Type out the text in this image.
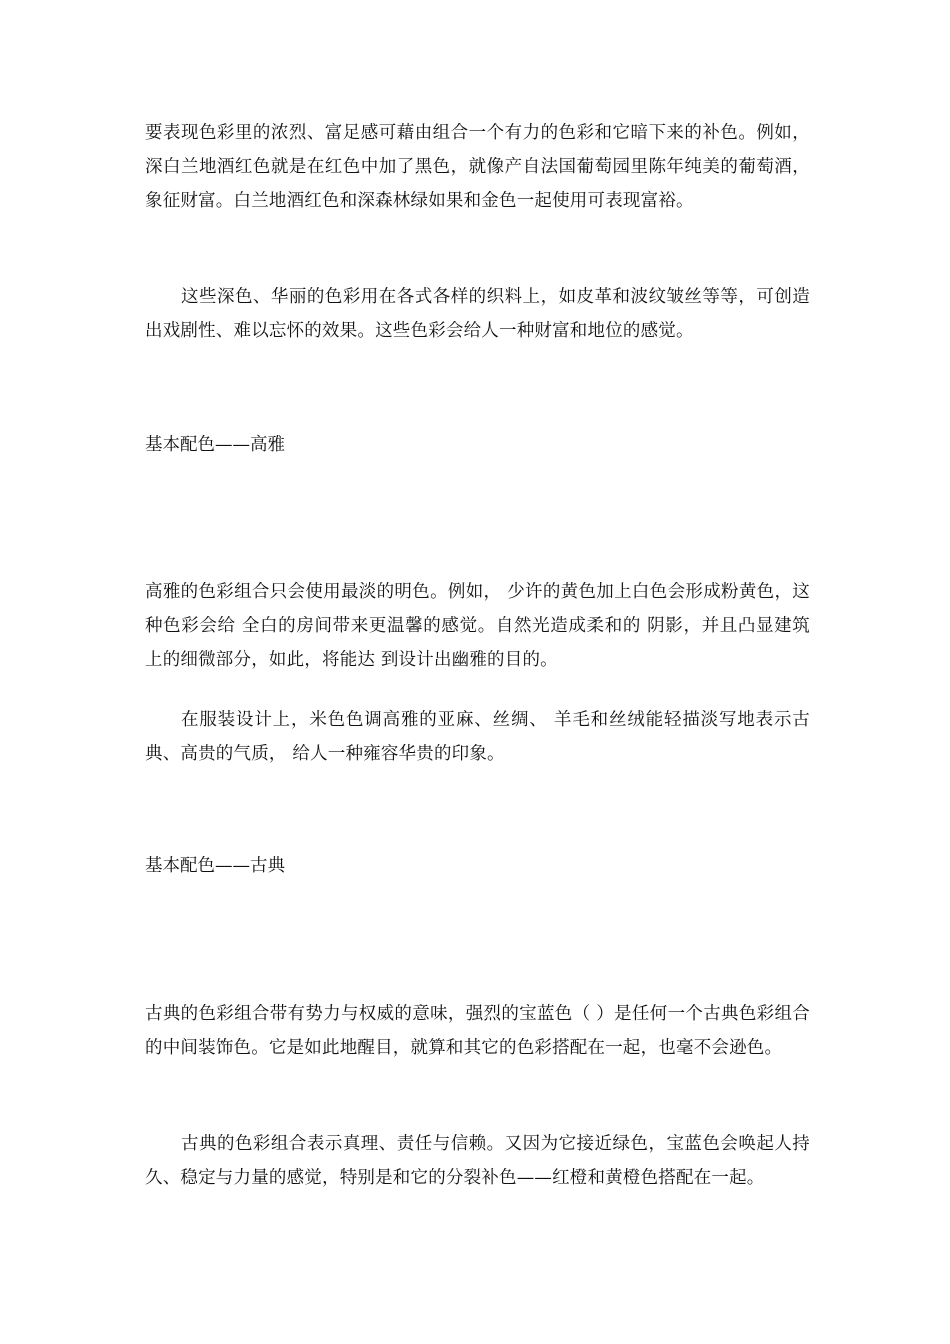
要表现色彩里的浓烈、富足感可藉由组合一个有力的色彩和它暗下来的补色。例如，深白兰地酒红色就是在红色中加了黑色，就像产自法国葡萄园里陈年纯美的葡萄酒，象征财富。白兰地酒红色和深森林绿如果和金色一起使用可表现富裕。

这些深色、华丽的色彩用在各式各样的织料上，如皮革和波纹皱丝等等，可创造出戏剧性、难以忘怀的效果。这些色彩会给人一种财富和地位的感觉。

基本配色——高雅

高雅的色彩组合只会使用最淡的明色。例如， 少许的黄色加上白色会形成粉黄色，这种色彩会给 全白的房间带来更温馨的感觉。自然光造成柔和的 阴影，并且凸显建筑上的细微部分，如此，将能达 到设计出幽雅的目的。

在服装设计上，米色色调高雅的亚麻、丝绸、 羊毛和丝绒能轻描淡写地表示古典、高贵的气质， 给人一种雍容华贵的印象。

基本配色——古典

古典的色彩组合带有势力与权威的意味，强烈的宝蓝色（ ）是任何一个古典色彩组合的中间装饰色。它是如此地醒目，就算和其它的色彩搭配在一起，也毫不会逊色。

古典的色彩组合表示真理、责任与信赖。又因为它接近绿色，宝蓝色会唤起人持久、稳定与力量的感觉，特别是和它的分裂补色——红橙和黄橙色搭配在一起。
